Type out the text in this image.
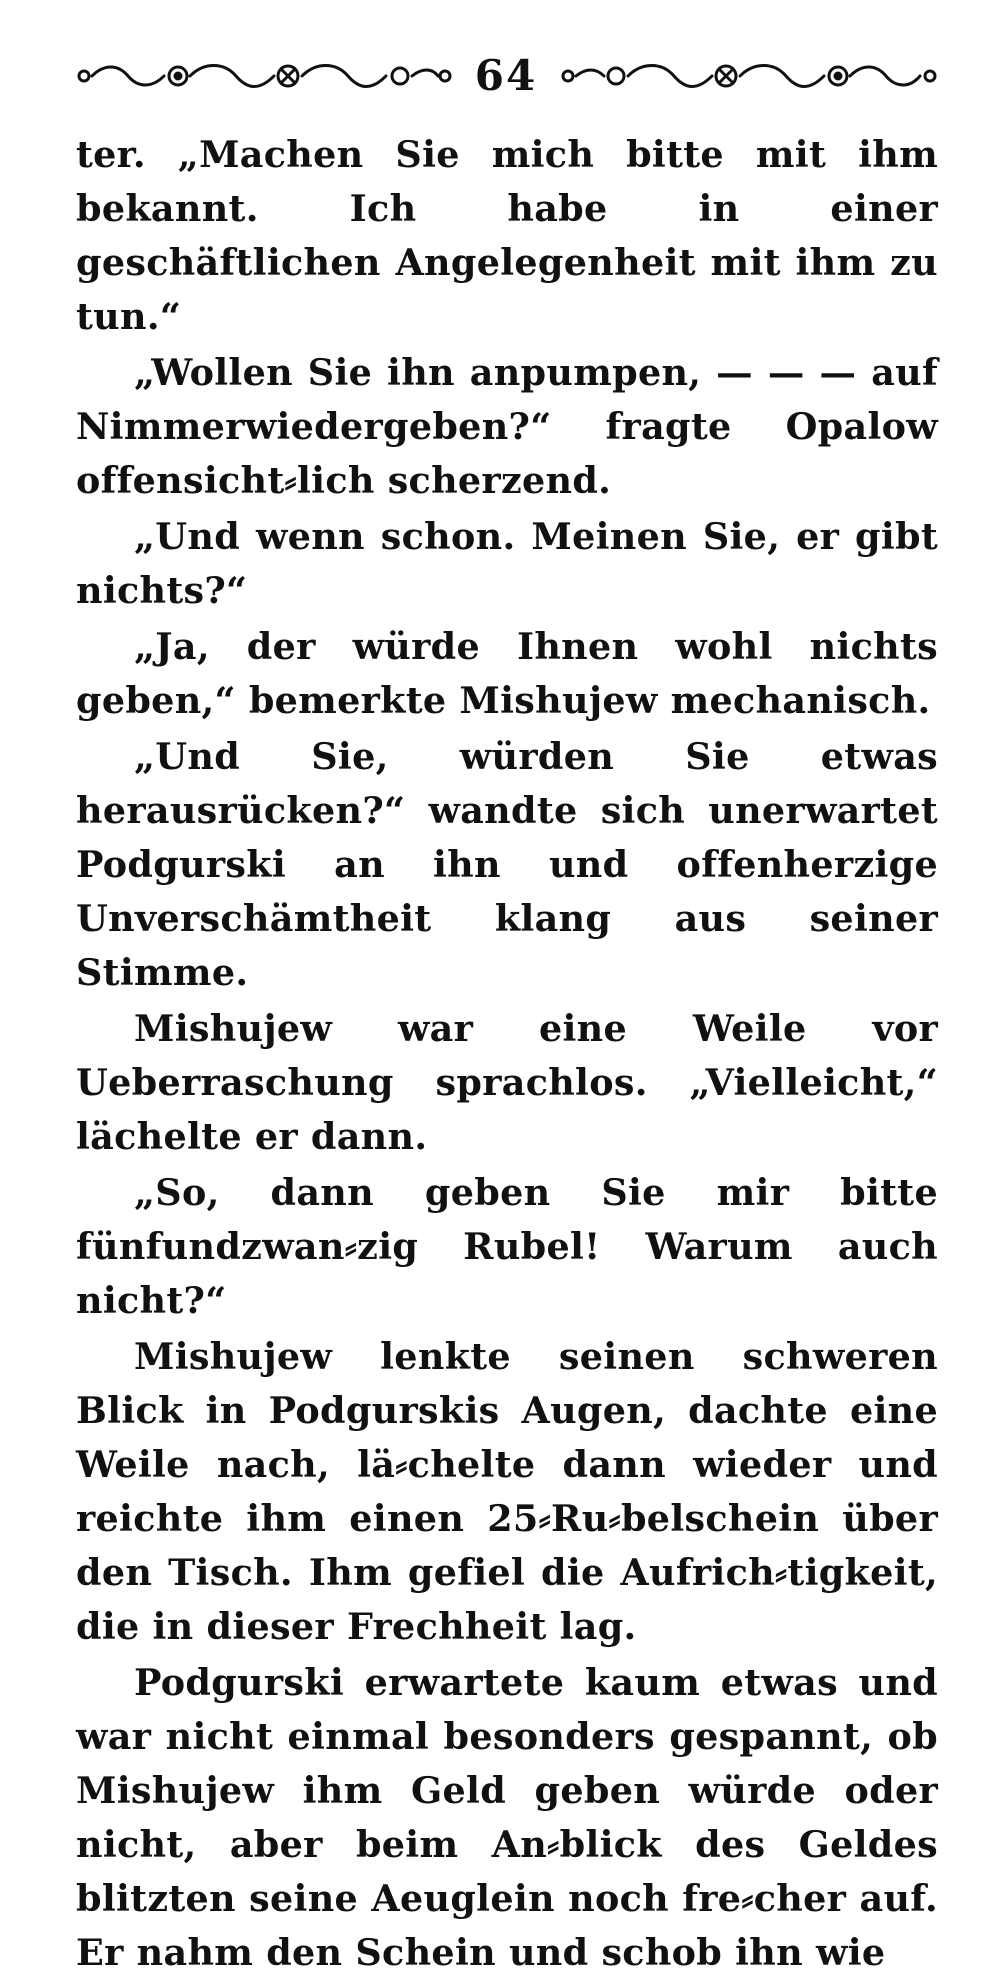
64

ter. „Machen Sie mich bitte mit ihm bekannt. Ich habe in einer geschäftlichen Angelegenheit mit ihm zu tun.“

„Wollen Sie ihn anpumpen, — — — auf Nimmerwiedergeben?“ fragte Opalow offensicht⸗lich scherzend.

„Und wenn schon. Meinen Sie, er gibt nichts?“

„Ja, der würde Ihnen wohl nichts geben,“ bemerkte Mishujew mechanisch.

„Und Sie, würden Sie etwas herausrücken?“ wandte sich unerwartet Podgurski an ihn und offenherzige Unverschämtheit klang aus seiner Stimme.

Mishujew war eine Weile vor Ueberraschung sprachlos. „Vielleicht,“ lächelte er dann.

„So, dann geben Sie mir bitte fünfundzwan⸗zig Rubel! Warum auch nicht?“

Mishujew lenkte seinen schweren Blick in Podgurskis Augen, dachte eine Weile nach, lä⸗chelte dann wieder und reichte ihm einen 25⸗Ru⸗belschein über den Tisch. Ihm gefiel die Aufrich⸗tigkeit, die in dieser Frechheit lag.

Podgurski erwartete kaum etwas und war nicht einmal besonders gespannt, ob Mishujew ihm Geld geben würde oder nicht, aber beim An⸗blick des Geldes blitzten seine Aeuglein noch fre⸗cher auf. Er nahm den Schein und schob ihn wie
